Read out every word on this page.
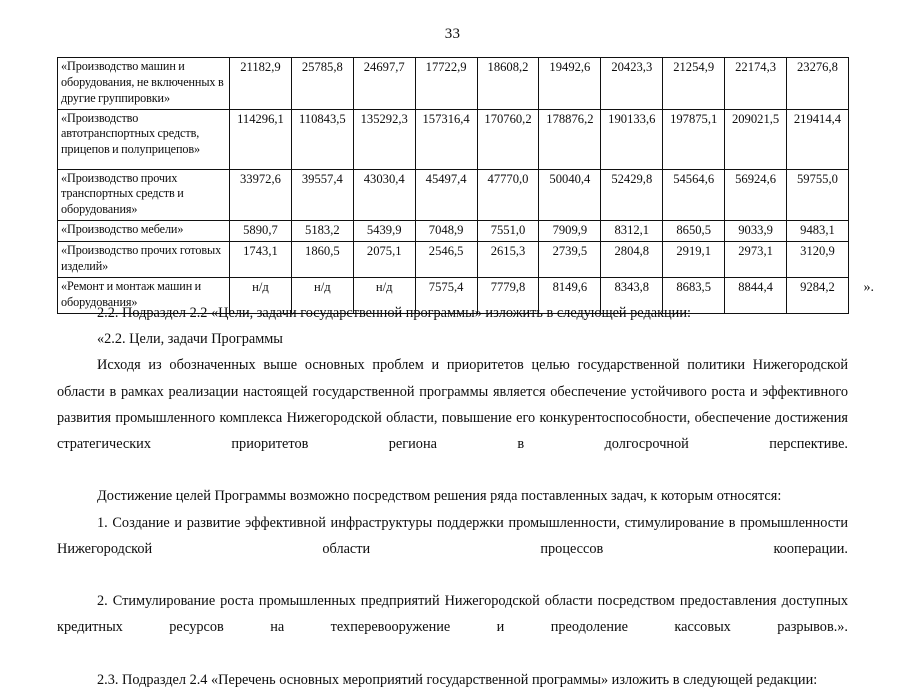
33
«Производство машин и оборудования, не включенных в другие группировки»	21182,9	25785,8	24697,7	17722,9	18608,2	19492,6	20423,3	21254,9	22174,3	23276,8
«Производство автотранспортных средств, прицепов и полуприцепов»	114296,1	110843,5	135292,3	157316,4	170760,2	178876,2	190133,6	197875,1	209021,5	219414,4
«Производство прочих транспортных средств и оборудования»	33972,6	39557,4	43030,4	45497,4	47770,0	50040,4	52429,8	54564,6	56924,6	59755,0
«Производство мебели»	5890,7	5183,2	5439,9	7048,9	7551,0	7909,9	8312,1	8650,5	9033,9	9483,1
«Производство прочих готовых изделий»	1743,1	1860,5	2075,1	2546,5	2615,3	2739,5	2804,8	2919,1	2973,1	3120,9
«Ремонт и монтаж машин и оборудования»	н/д	н/д	н/д	7575,4	7779,8	8149,6	8343,8	8683,5	8844,4	9284,2	».

2.2. Подраздел 2.2 «Цели, задачи государственной программы» изложить в следующей редакции:

«2.2. Цели, задачи Программы

Исходя из обозначенных выше основных проблем и приоритетов целью государственной политики Нижегородской области в рамках реализации настоящей государственной программы является обеспечение устойчивого роста и эффективного развития промышленного комплекса Нижегородской области, повышение его конкурентоспособности, обеспечение достижения стратегических приоритетов региона в долгосрочной перспективе.

Достижение целей Программы возможно посредством решения ряда поставленных задач, к которым относятся:

1. Создание и развитие эффективной инфраструктуры поддержки промышленности, стимулирование в промышленности Нижегородской области процессов кооперации.

2. Стимулирование роста промышленных предприятий Нижегородской области посредством предоставления доступных кредитных ресурсов на техперевооружение и преодоление кассовых разрывов.».

2.3. Подраздел 2.4 «Перечень основных мероприятий государственной программы» изложить в следующей редакции:
